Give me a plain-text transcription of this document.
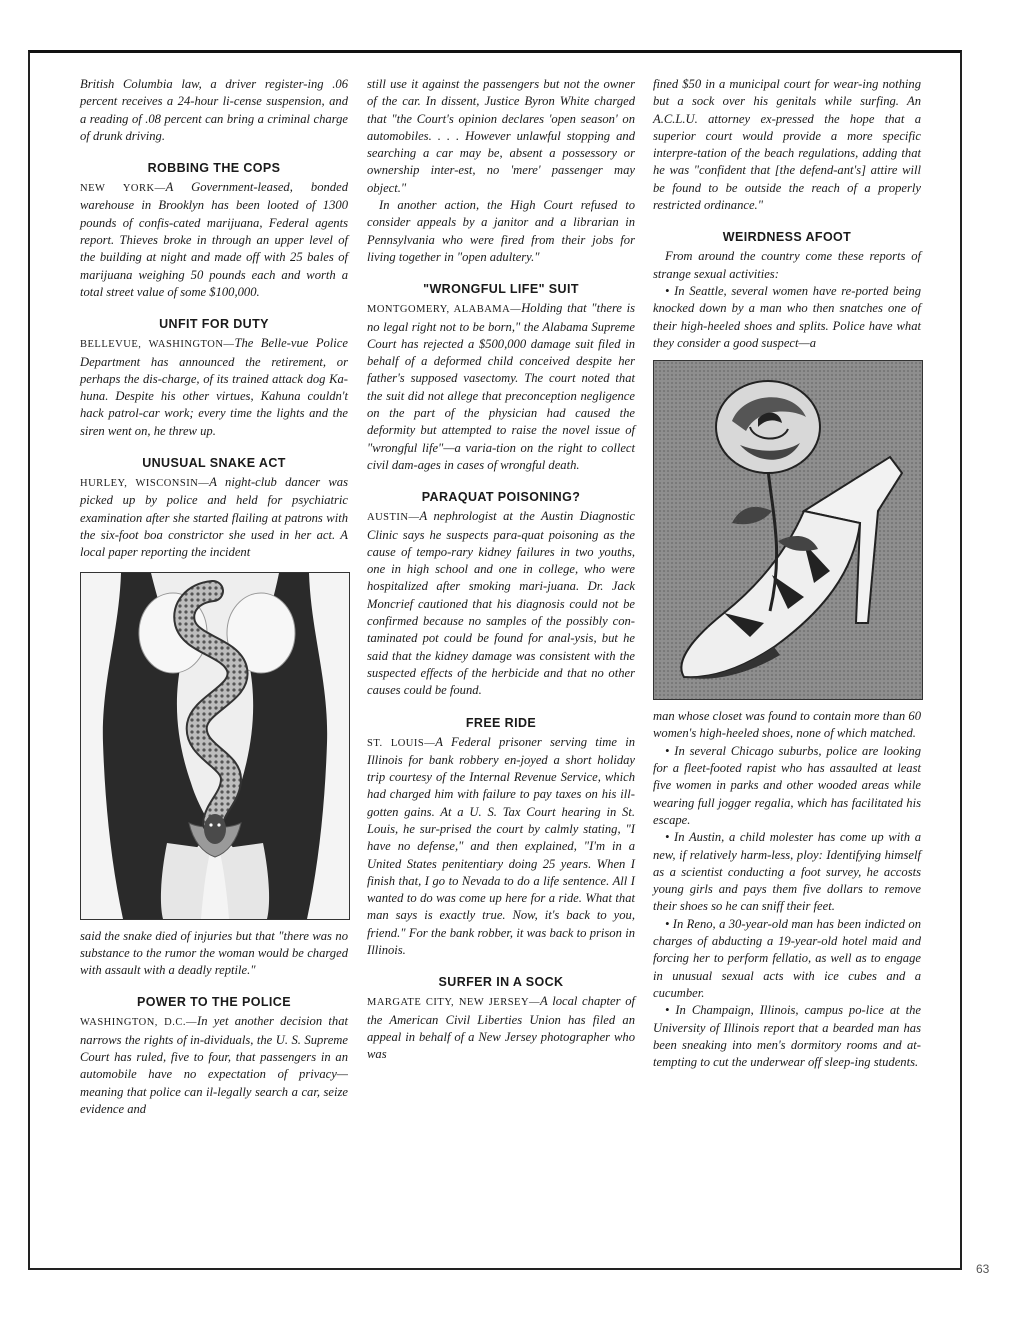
British Columbia law, a driver register-ing .06 percent receives a 24-hour li-cense suspension, and a reading of .08 percent can bring a criminal charge of drunk driving.

ROBBING THE COPS

NEW YORK—A Government-leased, bonded warehouse in Brooklyn has been looted of 1300 pounds of confis-cated marijuana, Federal agents report. Thieves broke in through an upper level of the building at night and made off with 25 bales of marijuana weighing 50 pounds each and worth a total street value of some $100,000.

UNFIT FOR DUTY

BELLEVUE, WASHINGTON—The Belle-vue Police Department has announced the retirement, or perhaps the dis-charge, of its trained attack dog Ka-huna. Despite his other virtues, Kahuna couldn't hack patrol-car work; every time the lights and the siren went on, he threw up.

UNUSUAL SNAKE ACT

HURLEY, WISCONSIN—A night-club dancer was picked up by police and held for psychiatric examination after she started flailing at patrons with the six-foot boa constrictor she used in her act. A local paper reporting the incident

said the snake died of injuries but that "there was no substance to the rumor the woman would be charged with assault with a deadly reptile."

POWER TO THE POLICE

WASHINGTON, D.C.—In yet another decision that narrows the rights of in-dividuals, the U. S. Supreme Court has ruled, five to four, that passengers in an automobile have no expectation of privacy—meaning that police can il-legally search a car, seize evidence and

still use it against the passengers but not the owner of the car. In dissent, Justice Byron White charged that "the Court's opinion declares 'open season' on automobiles. . . . However unlawful stopping and searching a car may be, absent a possessory or ownership inter-est, no 'mere' passenger may object."

In another action, the High Court refused to consider appeals by a janitor and a librarian in Pennsylvania who were fired from their jobs for living together in "open adultery."

"WRONGFUL LIFE" SUIT

MONTGOMERY, ALABAMA—Holding that "there is no legal right not to be born," the Alabama Supreme Court has rejected a $500,000 damage suit filed in behalf of a deformed child conceived despite her father's supposed vasectomy. The court noted that the suit did not allege that preconception negligence on the part of the physician had caused the deformity but attempted to raise the novel issue of "wrongful life"—a varia-tion on the right to collect civil dam-ages in cases of wrongful death.

PARAQUAT POISONING?

AUSTIN—A nephrologist at the Austin Diagnostic Clinic says he suspects para-quat poisoning as the cause of tempo-rary kidney failures in two youths, one in high school and one in college, who were hospitalized after smoking mari-juana. Dr. Jack Moncrief cautioned that his diagnosis could not be confirmed because no samples of the possibly con-taminated pot could be found for anal-ysis, but he said that the kidney damage was consistent with the suspected effects of the herbicide and that no other causes could be found.

FREE RIDE

ST. LOUIS—A Federal prisoner serving time in Illinois for bank robbery en-joyed a short holiday trip courtesy of the Internal Revenue Service, which had charged him with failure to pay taxes on his ill-gotten gains. At a U. S. Tax Court hearing in St. Louis, he sur-prised the court by calmly stating, "I have no defense," and then explained, "I'm in a United States penitentiary doing 25 years. When I finish that, I go to Nevada to do a life sentence. All I wanted to do was come up here for a ride. What that man says is exactly true. Now, it's back to you, friend." For the bank robber, it was back to prison in Illinois.

SURFER IN A SOCK

MARGATE CITY, NEW JERSEY—A local chapter of the American Civil Liberties Union has filed an appeal in behalf of a New Jersey photographer who was

fined $50 in a municipal court for wear-ing nothing but a sock over his genitals while surfing. An A.C.L.U. attorney ex-pressed the hope that a superior court would provide a more specific interpre-tation of the beach regulations, adding that he was "confident that [the defend-ant's] attire will be found to be outside the reach of a properly restricted ordinance."

WEIRDNESS AFOOT

From around the country come these reports of strange sexual activities:

• In Seattle, several women have re-ported being knocked down by a man who then snatches one of their high-heeled shoes and splits. Police have what they consider a good suspect—a

man whose closet was found to contain more than 60 women's high-heeled shoes, none of which matched.

• In several Chicago suburbs, police are looking for a fleet-footed rapist who has assaulted at least five women in parks and other wooded areas while wearing full jogger regalia, which has facilitated his escape.

• In Austin, a child molester has come up with a new, if relatively harm-less, ploy: Identifying himself as a scientist conducting a foot survey, he accosts young girls and pays them five dollars to remove their shoes so he can sniff their feet.

• In Reno, a 30-year-old man has been indicted on charges of abducting a 19-year-old hotel maid and forcing her to perform fellatio, as well as to engage in unusual sexual acts with ice cubes and a cucumber.

• In Champaign, Illinois, campus po-lice at the University of Illinois report that a bearded man has been sneaking into men's dormitory rooms and at-tempting to cut the underwear off sleep-ing students.

63
